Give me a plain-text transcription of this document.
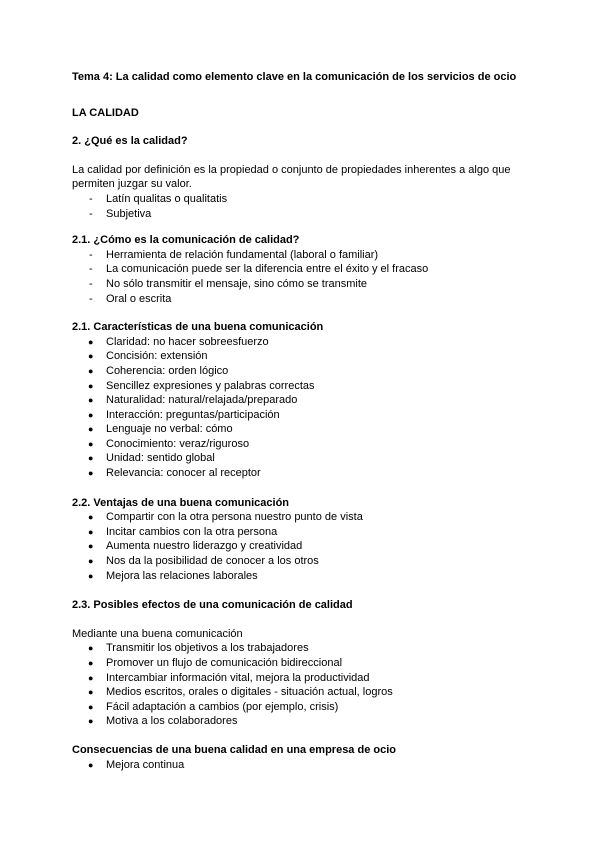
Tema 4: La calidad como elemento clave en la comunicación de los servicios de ocio

LA CALIDAD

2. ¿Qué es la calidad?

La calidad por definición es la propiedad o conjunto de propiedades inherentes a algo que

permiten juzgar su valor.

- Latín qualitas o qualitatis
- Subjetiva

2.1. ¿Cómo es la comunicación de calidad?

- Herramienta de relación fundamental (laboral o familiar)
- La comunicación puede ser la diferencia entre el éxito y el fracaso
- No sólo transmitir el mensaje, sino cómo se transmite
- Oral o escrita

2.1. Características de una buena comunicación

● Claridad: no hacer sobreesfuerzo
● Concisión: extensión
● Coherencia: orden lógico
● Sencillez expresiones y palabras correctas
● Naturalidad: natural/relajada/preparado
● Interacción: preguntas/participación
● Lenguaje no verbal: cómo
● Conocimiento: veraz/riguroso
● Unidad: sentido global
● Relevancia: conocer al receptor

2.2. Ventajas de una buena comunicación

● Compartir con la otra persona nuestro punto de vista
● Incitar cambios con la otra persona
● Aumenta nuestro liderazgo y creatividad
● Nos da la posibilidad de conocer a los otros
● Mejora las relaciones laborales

2.3. Posibles efectos de una comunicación de calidad

Mediante una buena comunicación

● Transmitir los objetivos a los trabajadores
● Promover un flujo de comunicación bidireccional
● Intercambiar información vital, mejora la productividad
● Medios escritos, orales o digitales - situación actual, logros
● Fácil adaptación a cambios (por ejemplo, crisis)
● Motiva a los colaboradores

Consecuencias de una buena calidad en una empresa de ocio

● Mejora continua
